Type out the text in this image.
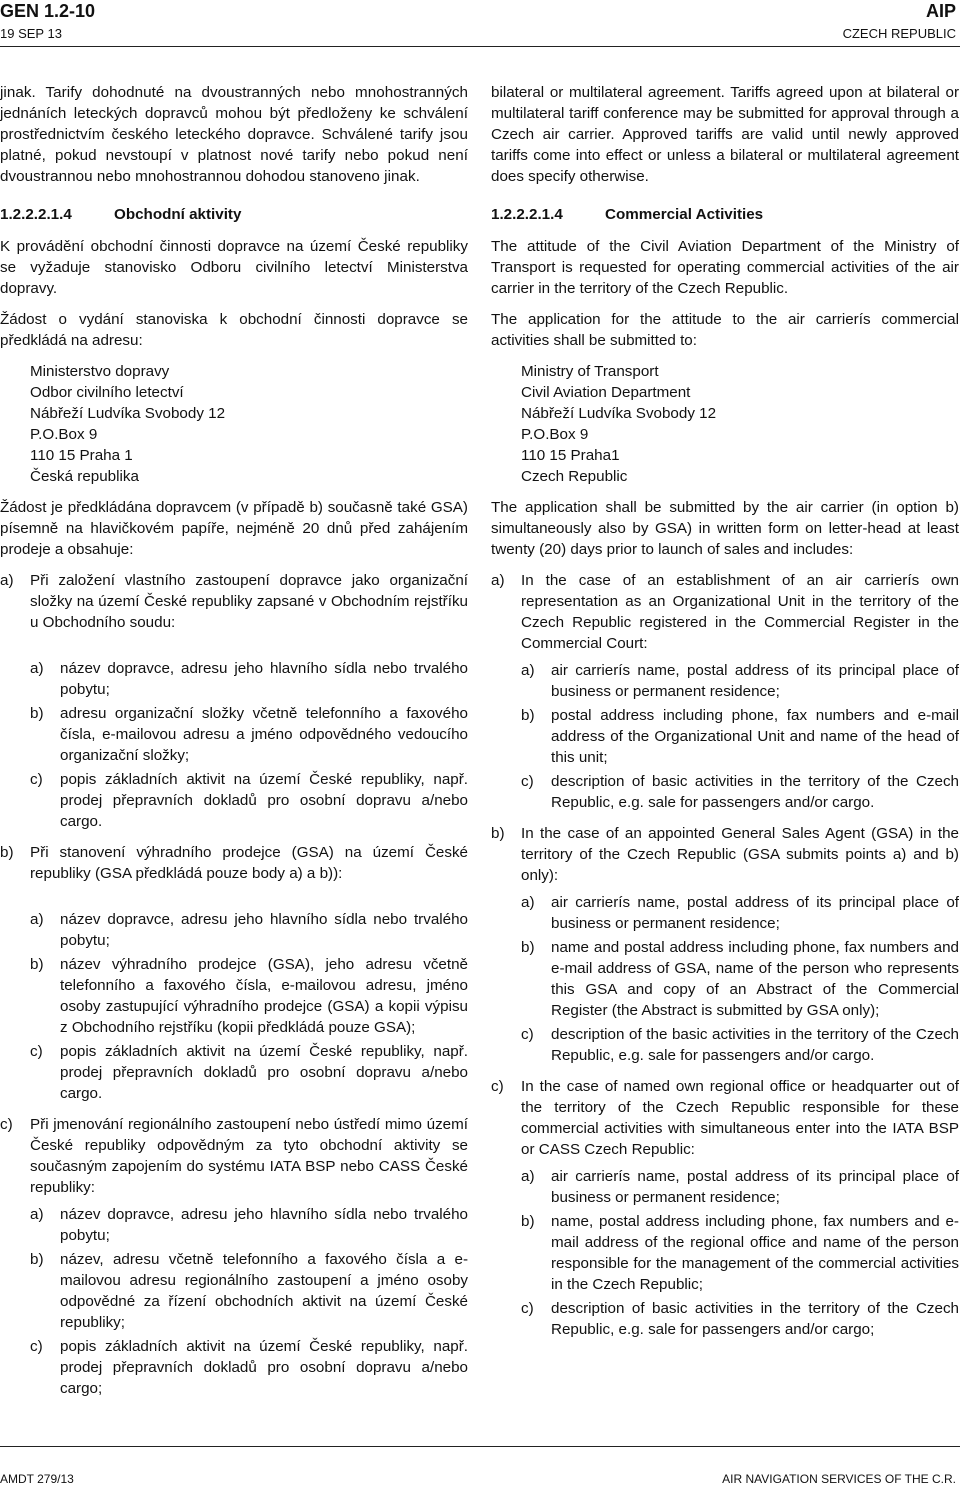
GEN 1.2-10
19 SEP 13
AIP
CZECH REPUBLIC

jinak. Tarify dohodnuté na dvoustranných nebo mnohostranných jednáních leteckých dopravců mohou být předloženy ke schválení prostřednictvím českého leteckého dopravce. Schválené tarify jsou platné, pokud nevstoupí v platnost nové tarify nebo pokud není dvoustrannou nebo mnohostrannou dohodou stanoveno jinak.

1.2.2.2.1.4	Obchodní aktivity

K provádění obchodní činnosti dopravce na území České republiky se vyžaduje stanovisko Odboru civilního letectví Ministerstva dopravy.

Žádost o vydání stanoviska k obchodní činnosti dopravce se předkládá na adresu:

Ministerstvo dopravy
Odbor civilního letectví
Nábřeží Ludvíka Svobody 12
P.O.Box 9
110 15 Praha 1
Česká republika

Žádost je předkládána dopravcem (v případě b) současně také GSA) písemně na hlavičkovém papíře, nejméně 20 dnů před zahájením prodeje a obsahuje:

a)	Při založení vlastního zastoupení dopravce jako organizační složky na území České republiky zapsané v Obchodním rejstříku u Obchodního soudu:
a)	název dopravce, adresu jeho hlavního sídla nebo trvalého pobytu;
b)	adresu organizační složky včetně telefonního a faxového čísla, e-mailovou adresu a jméno odpovědného vedoucího organizační složky;
c)	popis základních aktivit na území České republiky, např. prodej přepravních dokladů pro osobní dopravu a/nebo cargo.
b)	Při stanovení výhradního prodejce (GSA) na území České republiky (GSA předkládá pouze body a) a b)):
a)	název dopravce, adresu jeho hlavního sídla nebo trvalého pobytu;
b)	název výhradního prodejce (GSA), jeho adresu včetně telefonního a faxového čísla, e-mailovou adresu, jméno osoby zastupující výhradního prodejce (GSA) a kopii výpisu z Obchodního rejstříku (kopii předkládá pouze GSA);
c)	popis základních aktivit na území České republiky, např. prodej přepravních dokladů pro osobní dopravu a/nebo cargo.
c)	Při jmenování regionálního zastoupení nebo ústředí mimo území České republiky odpovědným za tyto obchodní aktivity se současným zapojením do systému IATA BSP nebo CASS České republiky:
a)	název dopravce, adresu jeho hlavního sídla nebo trvalého pobytu;
b)	název, adresu včetně telefonního a faxového čísla a e-mailovou adresu regionálního zastoupení a jméno osoby odpovědné za řízení obchodních aktivit na území České republiky;
c)	popis základních aktivit na území České republiky, např. prodej přepravních dokladů pro osobní dopravu a/nebo cargo;

bilateral or multilateral agreement. Tariffs agreed upon at bilateral or multilateral tariff conference may be submitted for approval through a Czech air carrier. Approved tariffs are valid until newly approved tariffs come into effect or unless a bilateral or multilateral agreement does specify otherwise.

1.2.2.2.1.4	Commercial Activities

The attitude of the Civil Aviation Department of the Ministry of Transport is requested for operating commercial activities of the air carrier in the territory of the Czech Republic.

The application for the attitude to the air carrierís commercial activities shall be submitted to:

Ministry of Transport
Civil Aviation Department
Nábřeží Ludvíka Svobody 12
P.O.Box 9
110 15 Praha1
Czech Republic

The application shall be submitted by the air carrier (in option b) simultaneously also by GSA) in written form on letter-head at least twenty (20) days prior to launch of sales and includes:

a)	In the case of an establishment of an air carrierís own representation as an Organizational Unit in the territory of the Czech Republic registered in the Commercial Register in the Commercial Court:
a)	air carrierís name, postal address of its principal place of business or permanent residence;
b)	postal address including phone, fax numbers and e-mail address of the Organizational Unit and name of the head of this unit;
c)	description of basic activities in the territory of the Czech Republic, e.g. sale for passengers and/or cargo.
b)	In the case of an appointed General Sales Agent (GSA) in the territory of the Czech Republic (GSA submits points a) and b) only):
a)	air carrierís name, postal address of its principal place of business or permanent residence;
b)	name and postal address including phone, fax numbers and e-mail address of GSA, name of the person who represents this GSA and copy of an Abstract of the Commercial Register (the Abstract is submitted by GSA only);
c)	description of the basic activities in the territory of the Czech Republic, e.g. sale for passengers and/or cargo.
c)	In the case of named own regional office or headquarter out of the territory of the Czech Republic responsible for these commercial activities with simultaneous enter into the IATA BSP or CASS Czech Republic:
a)	air carrierís name, postal address of its principal place of business or permanent residence;
b)	name, postal address including phone, fax numbers and e-mail address of the regional office and name of the person responsible for the management of the commercial activities in the Czech Republic;
c)	description of basic activities in the territory of the Czech Republic, e.g. sale for passengers and/or cargo;
AMDT 279/13	AIR NAVIGATION SERVICES OF THE C.R.
